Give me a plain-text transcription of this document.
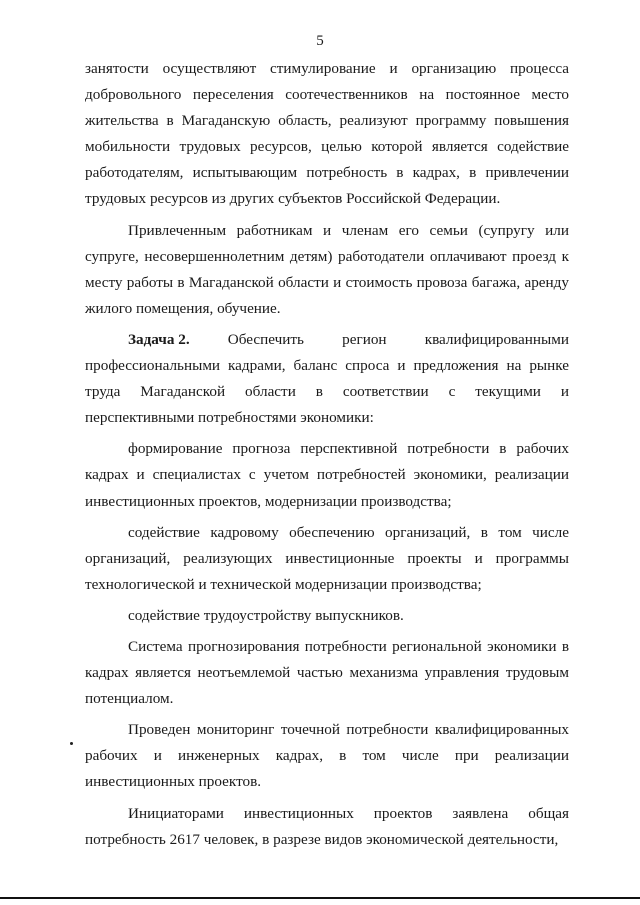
5

занятости осуществляют стимулирование и организацию процесса добровольного переселения соотечественников на постоянное место жительства в Магаданскую область, реализуют программу повышения мобильности трудовых ресурсов, целью которой является содействие работодателям, испытывающим потребность в кадрах, в привлечении трудовых ресурсов из других субъектов Российской Федерации.

Привлеченным работникам и членам его семьи (супругу или супруге, несовершеннолетним детям) работодатели оплачивают проезд к месту работы в Магаданской области и стоимость провоза багажа, аренду жилого помещения, обучение.

Задача 2.	Обеспечить	регион	квалифицированными

профессиональными кадрами, баланс спроса и предложения на рынке труда Магаданской области в соответствии с текущими и перспективными потребностями экономики:

формирование прогноза перспективной потребности в рабочих кадрах и специалистах с учетом потребностей экономики, реализации инвестиционных проектов, модернизации производства;

содействие кадровому обеспечению организаций, в том числе организаций, реализующих инвестиционные проекты и программы технологической и технической модернизации производства;

содействие трудоустройству выпускников.

Система прогнозирования потребности региональной экономики в кадрах является неотъемлемой частью механизма управления трудовым потенциалом.

Проведен мониторинг точечной потребности квалифицированных рабочих и инженерных кадрах, в том числе при реализации инвестиционных проектов.

Инициаторами инвестиционных проектов заявлена общая потребность 2617 человек, в разрезе видов экономической деятельности,
